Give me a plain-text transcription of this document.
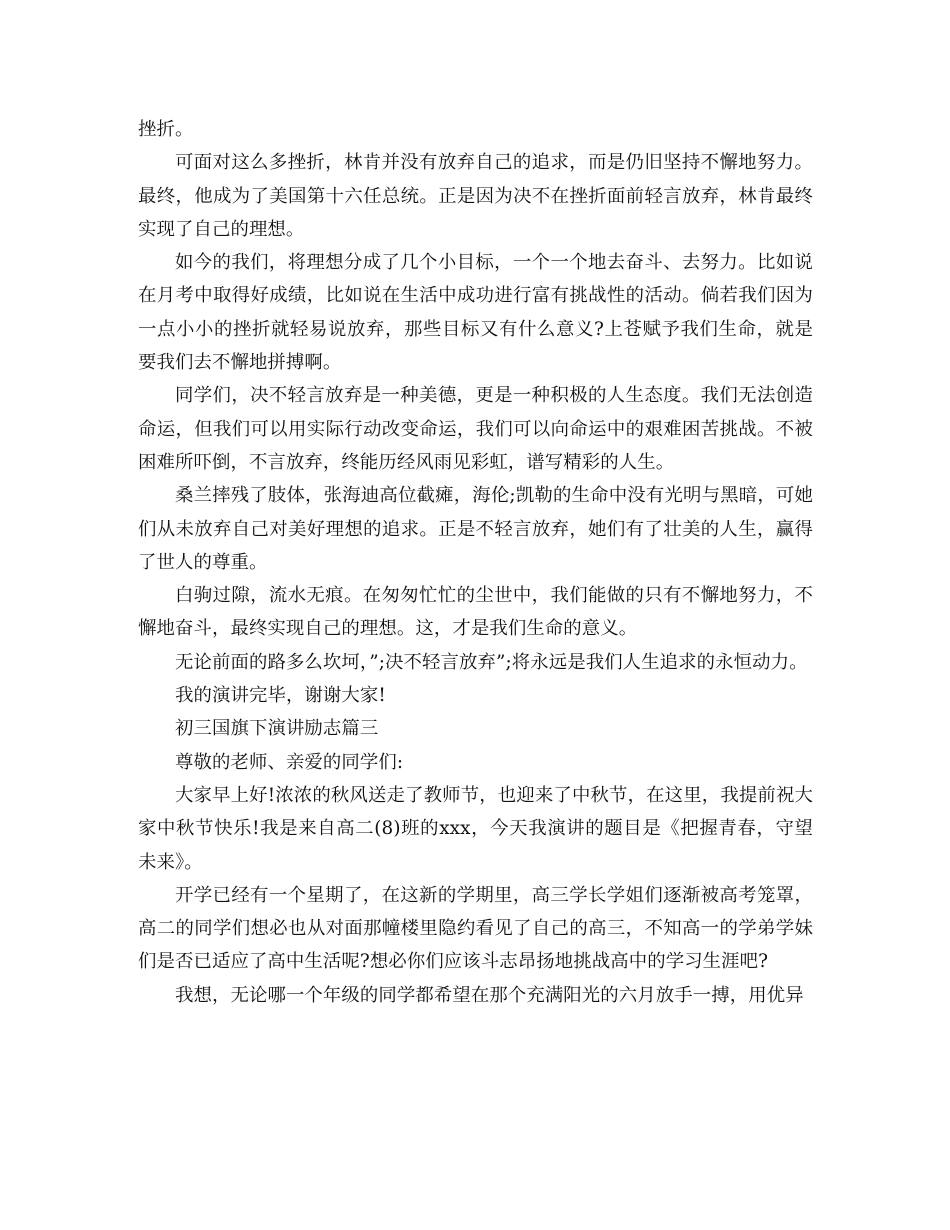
挫折。

可面对这么多挫折，林肯并没有放弃自己的追求，而是仍旧坚持不懈地努力。最终，他成为了美国第十六任总统。正是因为决不在挫折面前轻言放弃，林肯最终实现了自己的理想。

如今的我们，将理想分成了几个小目标，一个一个地去奋斗、去努力。比如说在月考中取得好成绩，比如说在生活中成功进行富有挑战性的活动。倘若我们因为一点小小的挫折就轻易说放弃，那些目标又有什么意义?上苍赋予我们生命，就是要我们去不懈地拼搏啊。

同学们，决不轻言放弃是一种美德，更是一种积极的人生态度。我们无法创造命运，但我们可以用实际行动改变命运，我们可以向命运中的艰难困苦挑战。不被困难所吓倒，不言放弃，终能历经风雨见彩虹，谱写精彩的人生。

桑兰摔残了肢体，张海迪高位截瘫，海伦;凯勒的生命中没有光明与黑暗，可她们从未放弃自己对美好理想的追求。正是不轻言放弃，她们有了壮美的人生，赢得了世人的尊重。

白驹过隙，流水无痕。在匆匆忙忙的尘世中，我们能做的只有不懈地努力，不懈地奋斗，最终实现自己的理想。这，才是我们生命的意义。

无论前面的路多么坎坷，”;决不轻言放弃”;将永远是我们人生追求的永恒动力。

我的演讲完毕，谢谢大家!

初三国旗下演讲励志篇三

尊敬的老师、亲爱的同学们:

大家早上好!浓浓的秋风送走了教师节，也迎来了中秋节，在这里，我提前祝大家中秋节快乐!我是来自高二(8)班的xxx，今天我演讲的题目是《把握青春，守望未来》。

开学已经有一个星期了，在这新的学期里，高三学长学姐们逐渐被高考笼罩，高二的同学们想必也从对面那幢楼里隐约看见了自己的高三，不知高一的学弟学妹们是否已适应了高中生活呢?想必你们应该斗志昂扬地挑战高中的学习生涯吧?

我想，无论哪一个年级的同学都希望在那个充满阳光的六月放手一搏，用优异
